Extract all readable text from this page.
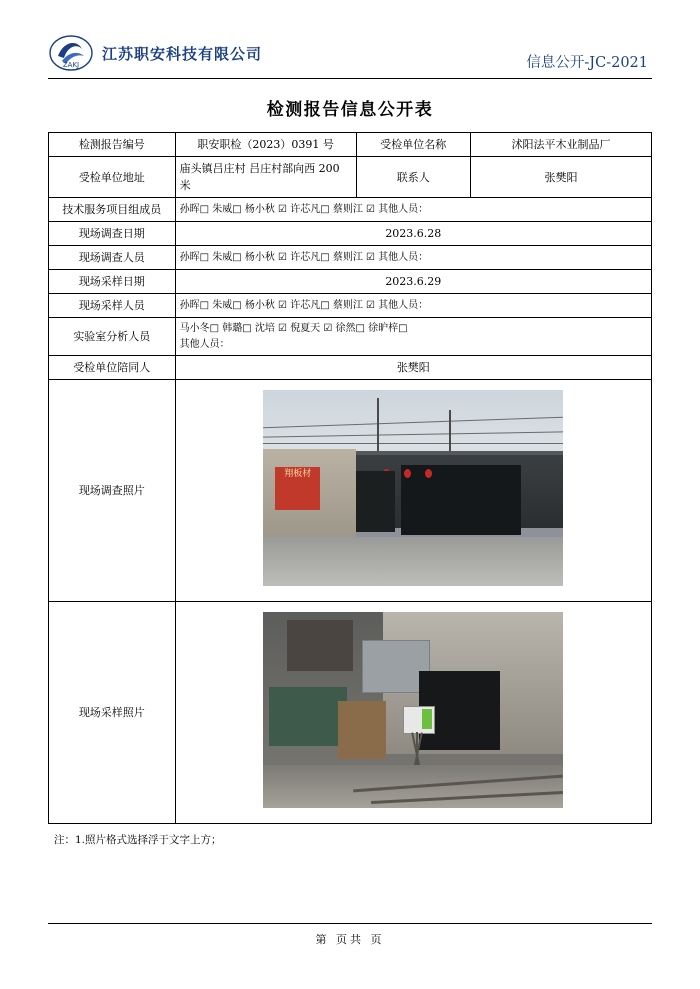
ZAKJ
江苏职安科技有限公司
信息公开-JC-2021
检测报告信息公开表
检测报告编号	职安职检（2023）0391 号	受检单位名称	沭阳法平木业制品厂
受检单位地址	庙头镇吕庄村 吕庄村部向西 200 米	联系人	张樊阳
技术服务项目组成员	孙晖□ 朱威□ 杨小秋 ☑ 许芯凡□ 蔡则江 ☑ 其他人员：		
现场调查日期	2023.6.28		
现场调查人员	孙晖□ 朱威□ 杨小秋 ☑ 许芯凡□ 蔡则江 ☑ 其他人员：		
现场采样日期	2023.6.29		
现场采样人员	孙晖□ 朱威□ 杨小秋 ☑ 许芯凡□ 蔡则江 ☑ 其他人员：		
实验室分析人员	马小冬□ 韩璐□ 沈培 ☑ 倪夏天 ☑ 徐然□ 徐昈梓□
其他人员：		

受检单位陪同人	张樊阳		
现场调查照片	翔板材		

现场采样照片			
注：1.照片格式选择浮于文字上方；
第 页共 页
